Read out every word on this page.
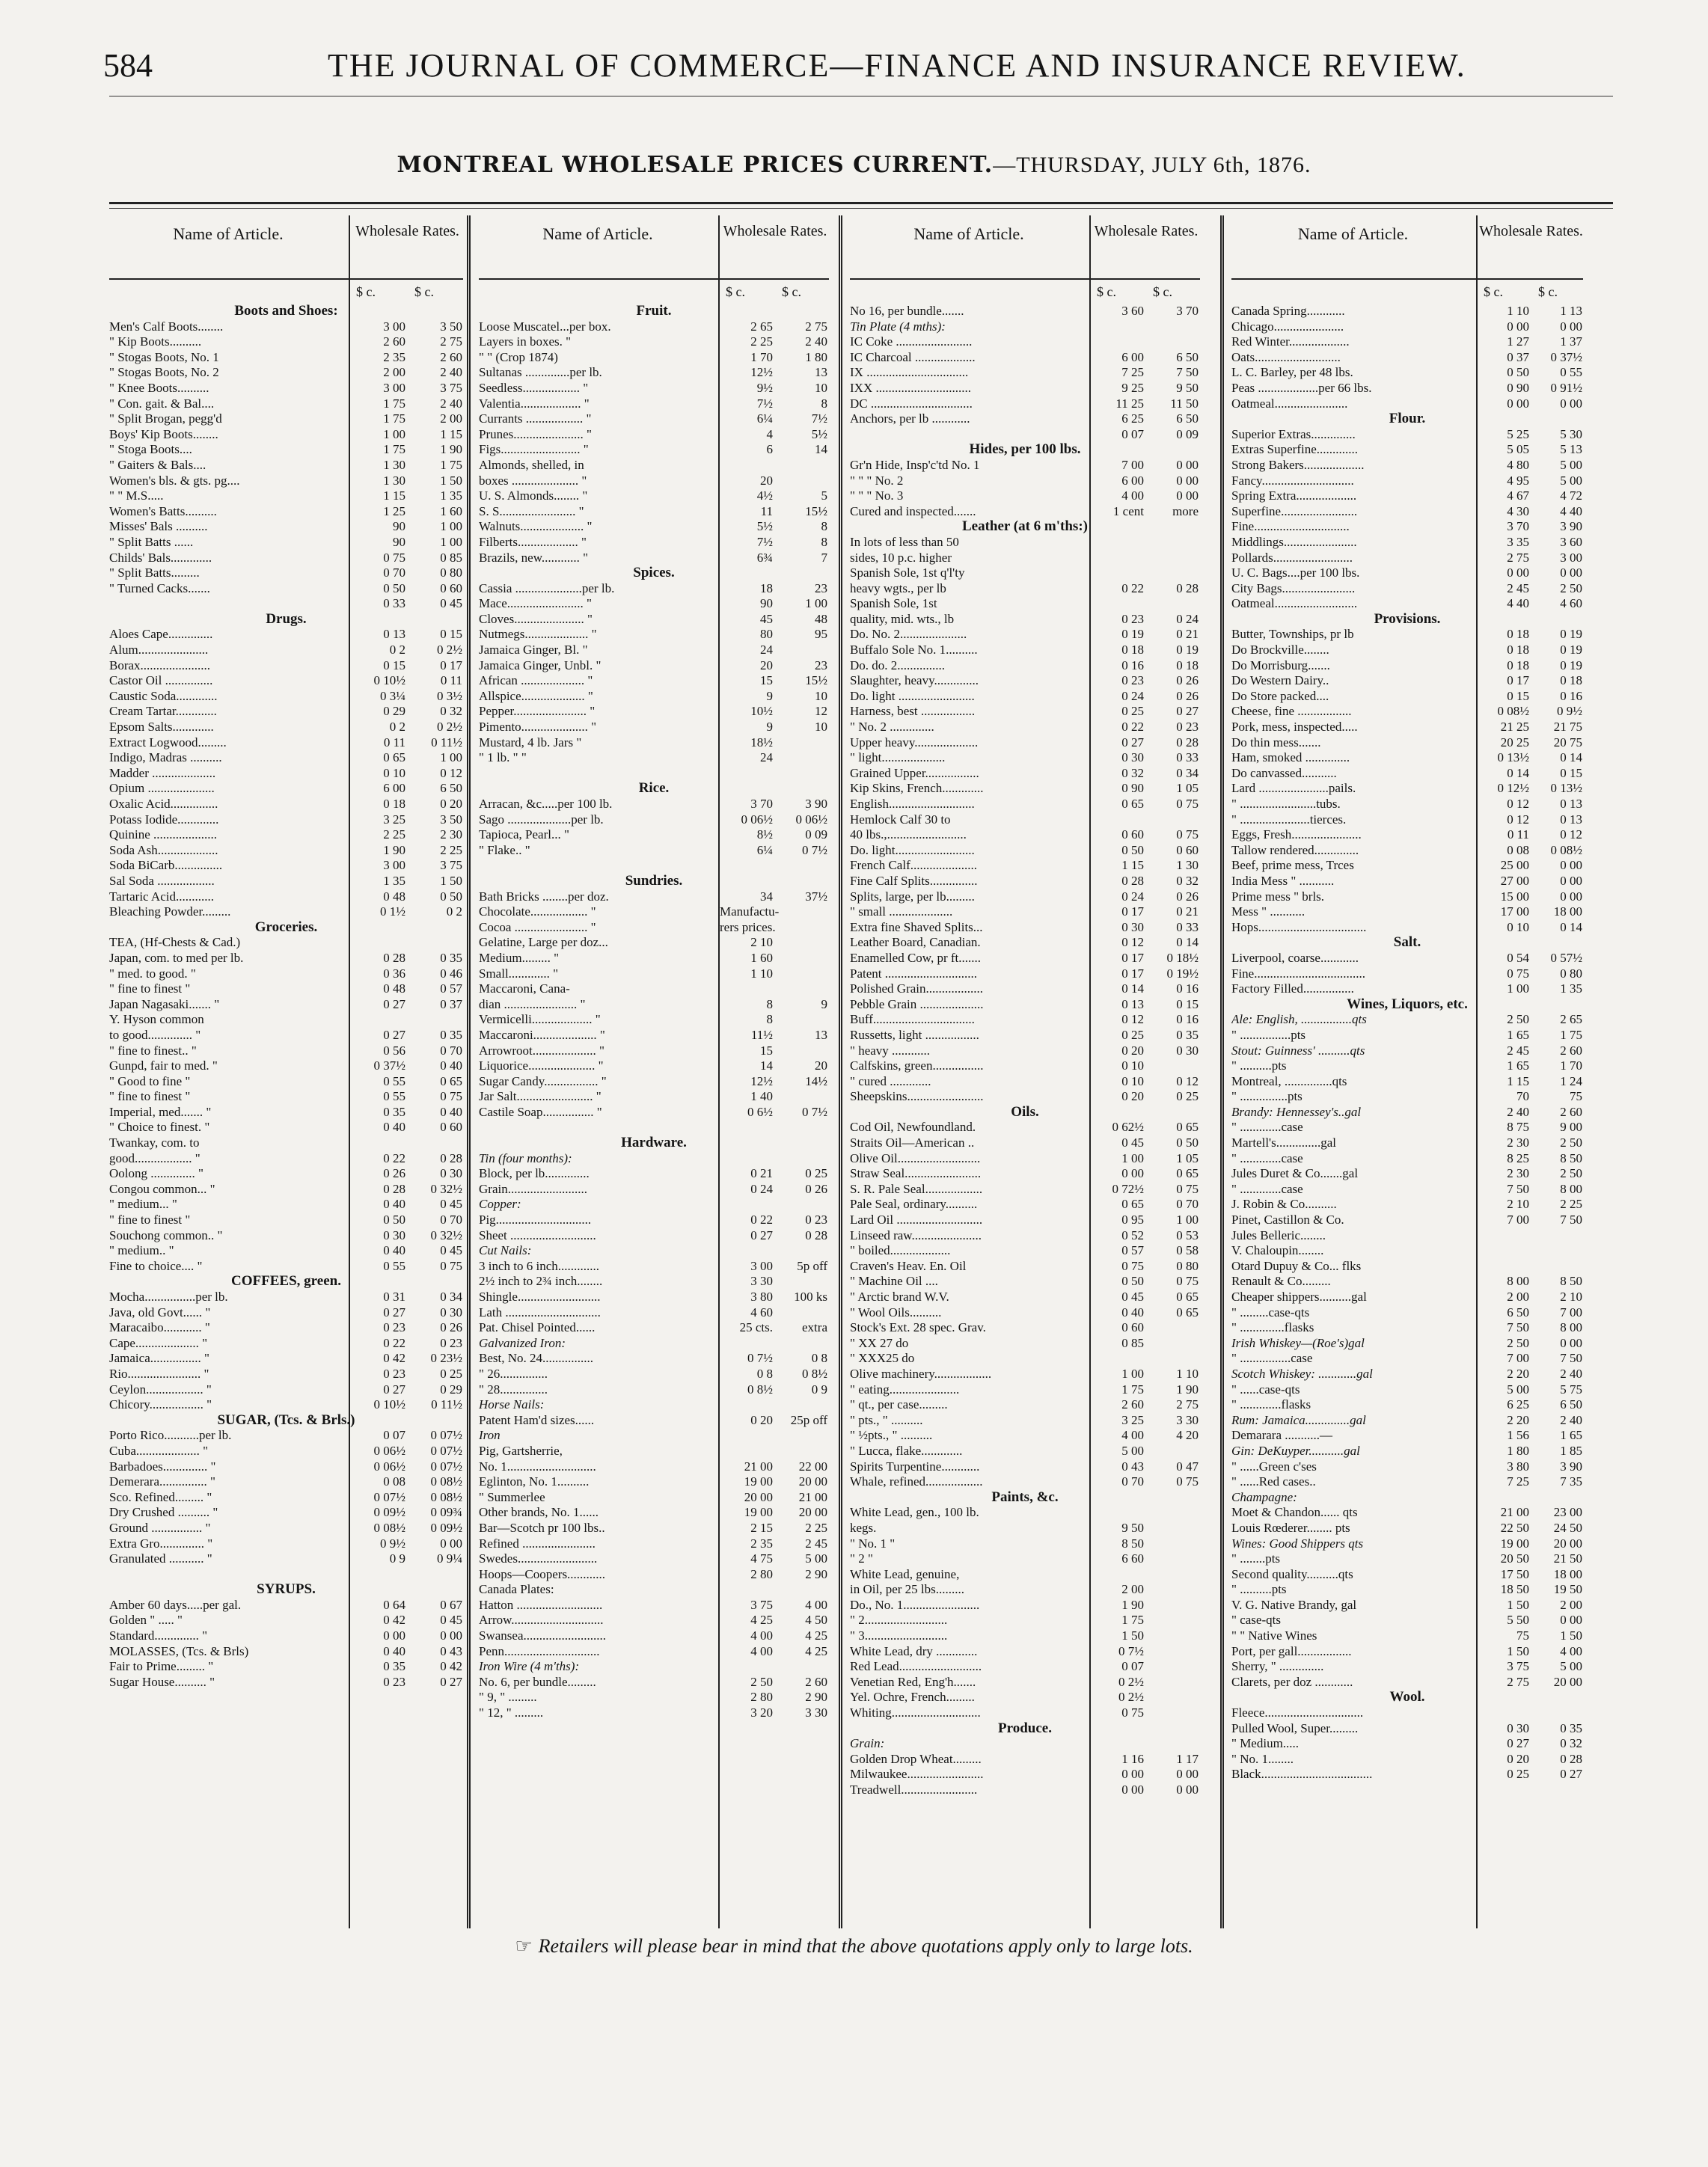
584	THE JOURNAL OF COMMERCE—FINANCE AND INSURANCE REVIEW.
MONTREAL WHOLESALE PRICES CURRENT.—THURSDAY, JULY 6th, 1876.
Name of Article.	Wholesale Rates.
$ c.	$ c.
Boots and Shoes:
Men's Calf Boots........	3 00	3 50
" Kip Boots..........	2 60	2 75
" Stogas Boots, No. 1	2 35	2 60
" Stogas Boots, No. 2	2 00	2 40
" Knee Boots..........	3 00	3 75
" Con. gait. & Bal....	1 75	2 40
" Split Brogan, pegg'd	1 75	2 00
Boys' Kip Boots........	1 00	1 15
" Stoga Boots....	1 75	1 90
" Gaiters & Bals....	1 30	1 75
Women's bls. & gts. pg....	1 30	1 50
" " M.S.....	1 15	1 35
Women's Batts..........	1 25	1 60
Misses' Bals ..........	90	1 00
" Split Batts ......	90	1 00
Childs' Bals.............	0 75	0 85
" Split Batts.........	0 70	0 80
" Turned Cacks.......	0 50	0 60
0 33	0 45
Drugs.
Aloes Cape..............	0 13	0 15
Alum......................	0 2	0 2½
Borax......................	0 15	0 17
Castor Oil ...............	0 10½	0 11
Caustic Soda.............	0 3¼	0 3½
Cream Tartar.............	0 29	0 32
Epsom Salts.............	0 2	0 2½
Extract Logwood.........	0 11	0 11½
Indigo, Madras ..........	0 65	1 00
Madder ....................	0 10	0 12
Opium .....................	6 00	6 50
Oxalic Acid...............	0 18	0 20
Potass Iodide.............	3 25	3 50
Quinine ....................	2 25	2 30
Soda Ash...................	1 90	2 25
Soda BiCarb...............	3 00	3 75
Sal Soda ..................	1 35	1 50
Tartaric Acid............	0 48	0 50
Bleaching Powder.........	0 1½	0 2
Groceries.
TEA, (Hf-Chests & Cad.)
Japan, com. to med per lb.	0 28	0 35
" med. to good. "	0 36	0 46
" fine to finest "	0 48	0 57
Japan Nagasaki....... "	0 27	0 37
Y. Hyson common
to good.............. "	0 27	0 35
" fine to finest.. "	0 56	0 70
Gunpd, fair to med. "	0 37½	0 40
" Good to fine "	0 55	0 65
" fine to finest "	0 55	0 75
Imperial, med....... "	0 35	0 40
" Choice to finest. "	0 40	0 60
Twankay, com. to
good.................. "	0 22	0 28
Oolong .............. "	0 26	0 30
Congou common... "	0 28	0 32½
" medium... "	0 40	0 45
" fine to finest "	0 50	0 70
Souchong common.. "	0 30	0 32½
" medium.. "	0 40	0 45
Fine to choice.... "	0 55	0 75
COFFEES, green.
Mocha................per lb.	0 31	0 34
Java, old Govt...... "	0 27	0 30
Maracaibo............ "	0 23	0 26
Cape.................... "	0 22	0 23
Jamaica................ "	0 42	0 23½
Rio....................... "	0 23	0 25
Ceylon.................. "	0 27	0 29
Chicory................. "	0 10½	0 11½
SUGAR, (Tcs. & Brls.)
Porto Rico...........per lb.	0 07	0 07½
Cuba.................... "	0 06½	0 07½
Barbadoes.............. "	0 06½	0 07½
Demerara............... "	0 08	0 08½
Sco. Refined......... "	0 07½	0 08½
Dry Crushed .......... "	0 09½	0 09¾
Ground ................ "	0 08½	0 09½
Extra Gro.............. "	0 9½	0 00
Granulated ........... "	0 9	0 9¼
SYRUPS.
Amber 60 days.....per gal.	0 64	0 67
Golden " ..... "	0 42	0 45
Standard.............. "	0 00	0 00
MOLASSES, (Tcs. & Brls)	0 40	0 43
Fair to Prime......... "	0 35	0 42
Sugar House.......... "	0 23	0 27
Name of Article.	Wholesale Rates.
$ c.	$ c.
Fruit.
Loose Muscatel...per box.	2 65	2 75
Layers in boxes. "	2 25	2 40
" " (Crop 1874)	1 70	1 80
Sultanas ..............per lb.	12½	13
Seedless.................. "	9½	10
Valentia................... "	7½	8
Currants .................. "	6¼	7½
Prunes...................... "	4	5½
Figs......................... "	6	14
Almonds, shelled, in
boxes ..................... "	20
U. S. Almonds........ "	4½	5
S. S........................ "	11	15½
Walnuts.................... "	5½	8
Filberts................... "	7½	8
Brazils, new............ "	6¾	7
Spices.
Cassia .....................per lb.	18	23
Mace........................ "	90	1 00
Cloves...................... "	45	48
Nutmegs.................... "	80	95
Jamaica Ginger, Bl. "	24
Jamaica Ginger, Unbl. "	20	23
African .................... "	15	15½
Allspice.................... "	9	10
Pepper....................... "	10½	12
Pimento..................... "	9	10
Mustard, 4 lb. Jars "	18½
" 1 lb. " "	24
Rice.
Arracan, &c.....per 100 lb.	3 70	3 90
Sago ....................per lb.	0 06½	0 06½
Tapioca, Pearl... "	8½	0 09
" Flake.. "	6¼	0 7½
Sundries.
Bath Bricks ........per doz.	34	37½
Chocolate.................. "	Manufactu-
Cocoa ....................... "	rers prices.
Gelatine, Large per doz...	2 10
Medium......... "	1 60
Small............. "	1 10
Maccaroni, Cana-
dian ....................... "	8	9
Vermicelli................... "	8
Maccaroni.................... "	11½	13
Arrowroot.................... "	15
Liquorice..................... "	14	20
Sugar Candy................. "	12½	14½
Jar Salt........................ "	1 40
Castile Soap................ "	0 6½	0 7½
Hardware.
Tin (four months):
Block, per lb..............	0 21	0 25
Grain.........................	0 24	0 26
Copper:
Pig..............................	0 22	0 23
Sheet ...........................	0 27	0 28
Cut Nails:
3 inch to 6 inch.............	3 00	5p off
2½ inch to 2¾ inch........	3 30
Shingle..........................	3 80	100 ks
Lath ..............................	4 60
Pat. Chisel Pointed......	25 cts.	extra
Galvanized Iron:
Best, No. 24................	0 7½	0 8
" 26...............	0 8	0 8½
" 28...............	0 8½	0 9
Horse Nails:
Patent Ham'd sizes......	0 20	25p off
Iron
Pig, Gartsherrie,
No. 1............................	21 00	22 00
Eglinton, No. 1..........	19 00	20 00
" Summerlee	20 00	21 00
Other brands, No. 1......	19 00	20 00
Bar—Scotch pr 100 lbs..	2 15	2 25
Refined .......................	2 35	2 45
Swedes.........................	4 75	5 00
Hoops—Coopers............	2 80	2 90
Canada Plates:
Hatton ...........................	3 75	4 00
Arrow.............................	4 25	4 50
Swansea..........................	4 00	4 25
Penn..............................	4 00	4 25
Iron Wire (4 m'ths):
No. 6, per bundle.........	2 50	2 60
" 9, " .........	2 80	2 90
" 12, " .........	3 20	3 30
Name of Article.	Wholesale Rates.
$ c.	$ c.
No 16, per bundle.......	3 60	3 70
Tin Plate (4 mths):
IC Coke ........................
IC Charcoal ...................	6 00	6 50
IX ................................	7 25	7 50
IXX ..............................	9 25	9 50
DC ................................	11 25	11 50
Anchors, per lb ............	6 25	6 50
0 07	0 09
Hides, per 100 lbs.
Gr'n Hide, Insp'c'td No. 1	7 00	0 00
" " " No. 2	6 00	0 00
" " " No. 3	4 00	0 00
Cured and inspected.......	1 cent	more
Leather (at 6 m'ths:)
In lots of less than 50
sides, 10 p.c. higher
Spanish Sole, 1st q'l'ty
heavy wgts., per lb	0 22	0 28
Spanish Sole, 1st
quality, mid. wts., lb	0 23	0 24
Do. No. 2.....................	0 19	0 21
Buffalo Sole No. 1..........	0 18	0 19
Do. do. 2...............	0 16	0 18
Slaughter, heavy..............	0 23	0 26
Do. light ........................	0 24	0 26
Harness, best .................	0 25	0 27
" No. 2 ..............	0 22	0 23
Upper heavy....................	0 27	0 28
" light....................	0 30	0 33
Grained Upper.................	0 32	0 34
Kip Skins, French.............	0 90	1 05
English...........................	0 65	0 75
Hemlock Calf 30 to
40 lbs.,.........................	0 60	0 75
Do. light.........................	0 50	0 60
French Calf.....................	1 15	1 30
Fine Calf Splits...............	0 28	0 32
Splits, large, per lb.........	0 24	0 26
" small ....................	0 17	0 21
Extra fine Shaved Splits...	0 30	0 33
Leather Board, Canadian.	0 12	0 14
Enamelled Cow, pr ft.......	0 17	0 18½
Patent .............................	0 17	0 19½
Polished Grain..................	0 14	0 16
Pebble Grain ....................	0 13	0 15
Buff................................	0 12	0 16
Russetts, light .................	0 25	0 35
" heavy ............	0 20	0 30
Calfskins, green................	0 10
" cured .............	0 10	0 12
Sheepskins........................	0 20	0 25
Oils.
Cod Oil, Newfoundland.	0 62½	0 65
Straits Oil—American ..	0 45	0 50
Olive Oil..........................	1 00	1 05
Straw Seal........................	0 00	0 65
S. R. Pale Seal..................	0 72½	0 75
Pale Seal, ordinary..........	0 65	0 70
Lard Oil ...........................	0 95	1 00
Linseed raw......................	0 52	0 53
" boiled...................	0 57	0 58
Craven's Heav. En. Oil	0 75	0 80
" Machine Oil ....	0 50	0 75
" Arctic brand W.V.	0 45	0 65
" Wool Oils..........	0 40	0 65
Stock's Ext. 28 spec. Grav.	0 60
" XX 27 do	0 85
" XXX25 do
Olive machinery..................	1 00	1 10
" eating......................	1 75	1 90
" qt., per case.........	2 60	2 75
" pts., " ..........	3 25	3 30
" ½pts., " ..........	4 00	4 20
" Lucca, flake.............	5 00
Spirits Turpentine............	0 43	0 47
Whale, refined..................	0 70	0 75
Paints, &c.
White Lead, gen., 100 lb.
kegs.	9 50
" No. 1 "	8 50
" 2 "	6 60
White Lead, genuine,
in Oil, per 25 lbs.........	2 00
Do., No. 1........................	1 90
" 2..........................	1 75
" 3..........................	1 50
White Lead, dry .............	0 7½
Red Lead..........................	0 07
Venetian Red, Eng'h.......	0 2½
Yel. Ochre, French.........	0 2½
Whiting............................	0 75
Produce.
Grain:
Golden Drop Wheat.........	1 16	1 17
Milwaukee........................	0 00	0 00
Treadwell........................	0 00	0 00
Name of Article.	Wholesale Rates.
$ c.	$ c.
Canada Spring............	1 10	1 13
Chicago......................	0 00	0 00
Red Winter...................	1 27	1 37
Oats...........................	0 37	0 37½
L. C. Barley, per 48 lbs.	0 50	0 55
Peas ...................per 66 lbs.	0 90	0 91½
Oatmeal.......................	0 00	0 00
Flour.
Superior Extras..............	5 25	5 30
Extras Superfine.............	5 05	5 13
Strong Bakers...................	4 80	5 00
Fancy.............................	4 95	5 00
Spring Extra...................	4 67	4 72
Superfine........................	4 30	4 40
Fine..............................	3 70	3 90
Middlings.......................	3 35	3 60
Pollards.........................	2 75	3 00
U. C. Bags....per 100 lbs.	0 00	0 00
City Bags.......................	2 45	2 50
Oatmeal..........................	4 40	4 60
Provisions.
Butter, Townships, pr lb	0 18	0 19
Do Brockville........	0 18	0 19
Do Morrisburg.......	0 18	0 19
Do Western Dairy..	0 17	0 18
Do Store packed....	0 15	0 16
Cheese, fine .................	0 08½	0 9½
Pork, mess, inspected.....	21 25	21 75
Do thin mess.......	20 25	20 75
Ham, smoked ..............	0 13½	0 14
Do canvassed...........	0 14	0 15
Lard ......................pails.	0 12½	0 13½
" ........................tubs.	0 12	0 13
" ......................tierces.	0 12	0 13
Eggs, Fresh......................	0 11	0 12
Tallow rendered..............	0 08	0 08½
Beef, prime mess, Trces	25 00	0 00
India Mess " ...........	27 00	0 00
Prime mess " brls.	15 00	0 00
Mess " ...........	17 00	18 00
Hops..................................	0 10	0 14
Salt.
Liverpool, coarse............	0 54	0 57½
Fine...................................	0 75	0 80
Factory Filled................	1 00	1 35
Wines, Liquors, etc.
Ale: English, ................qts	2 50	2 65
" ................pts	1 65	1 75
Stout: Guinness' ..........qts	2 45	2 60
" ..........pts	1 65	1 70
Montreal, ...............qts	1 15	1 24
" ...............pts	70	75
Brandy: Hennessey's..gal	2 40	2 60
" .............case	8 75	9 00
Martell's..............gal	2 30	2 50
" .............case	8 25	8 50
Jules Duret & Co.......gal	2 30	2 50
" .............case	7 50	8 00
J. Robin & Co..........	2 10	2 25
Pinet, Castillon & Co.	7 00	7 50
Jules Belleric........
V. Chaloupin........
Otard Dupuy & Co... flks
Renault & Co.........	8 00	8 50
Cheaper shippers..........gal	2 00	2 10
" .........case-qts	6 50	7 00
" ..............flasks	7 50	8 00
Irish Whiskey—(Roe's)gal	2 50	0 00
" ................case	7 00	7 50
Scotch Whiskey: ............gal	2 20	2 40
" ......case-qts	5 00	5 75
" .............flasks	6 25	6 50
Rum: Jamaica..............gal	2 20	2 40
Demarara ...........—	1 56	1 65
Gin: DeKuyper...........gal	1 80	1 85
" ......Green c'ses	3 80	3 90
" ......Red cases..	7 25	7 35
Champagne:
Moet & Chandon...... qts	21 00	23 00
Louis Rœderer........ pts	22 50	24 50
Wines: Good Shippers qts	19 00	20 00
" ........pts	20 50	21 50
Second quality..........qts	17 50	18 00
" ..........pts	18 50	19 50
V. G. Native Brandy, gal	1 50	2 00
" case-qts	5 50	0 00
" " Native Wines	75	1 50
Port, per gall.................	1 50	4 00
Sherry, " ..............	3 75	5 00
Clarets, per doz ............	2 75	20 00
Wool.
Fleece...............................
Pulled Wool, Super.........	0 30	0 35
" Medium.....	0 27	0 32
" No. 1........	0 20	0 28
Black...................................	0 25	0 27
☞ Retailers will please bear in mind that the above quotations apply only to large lots.
